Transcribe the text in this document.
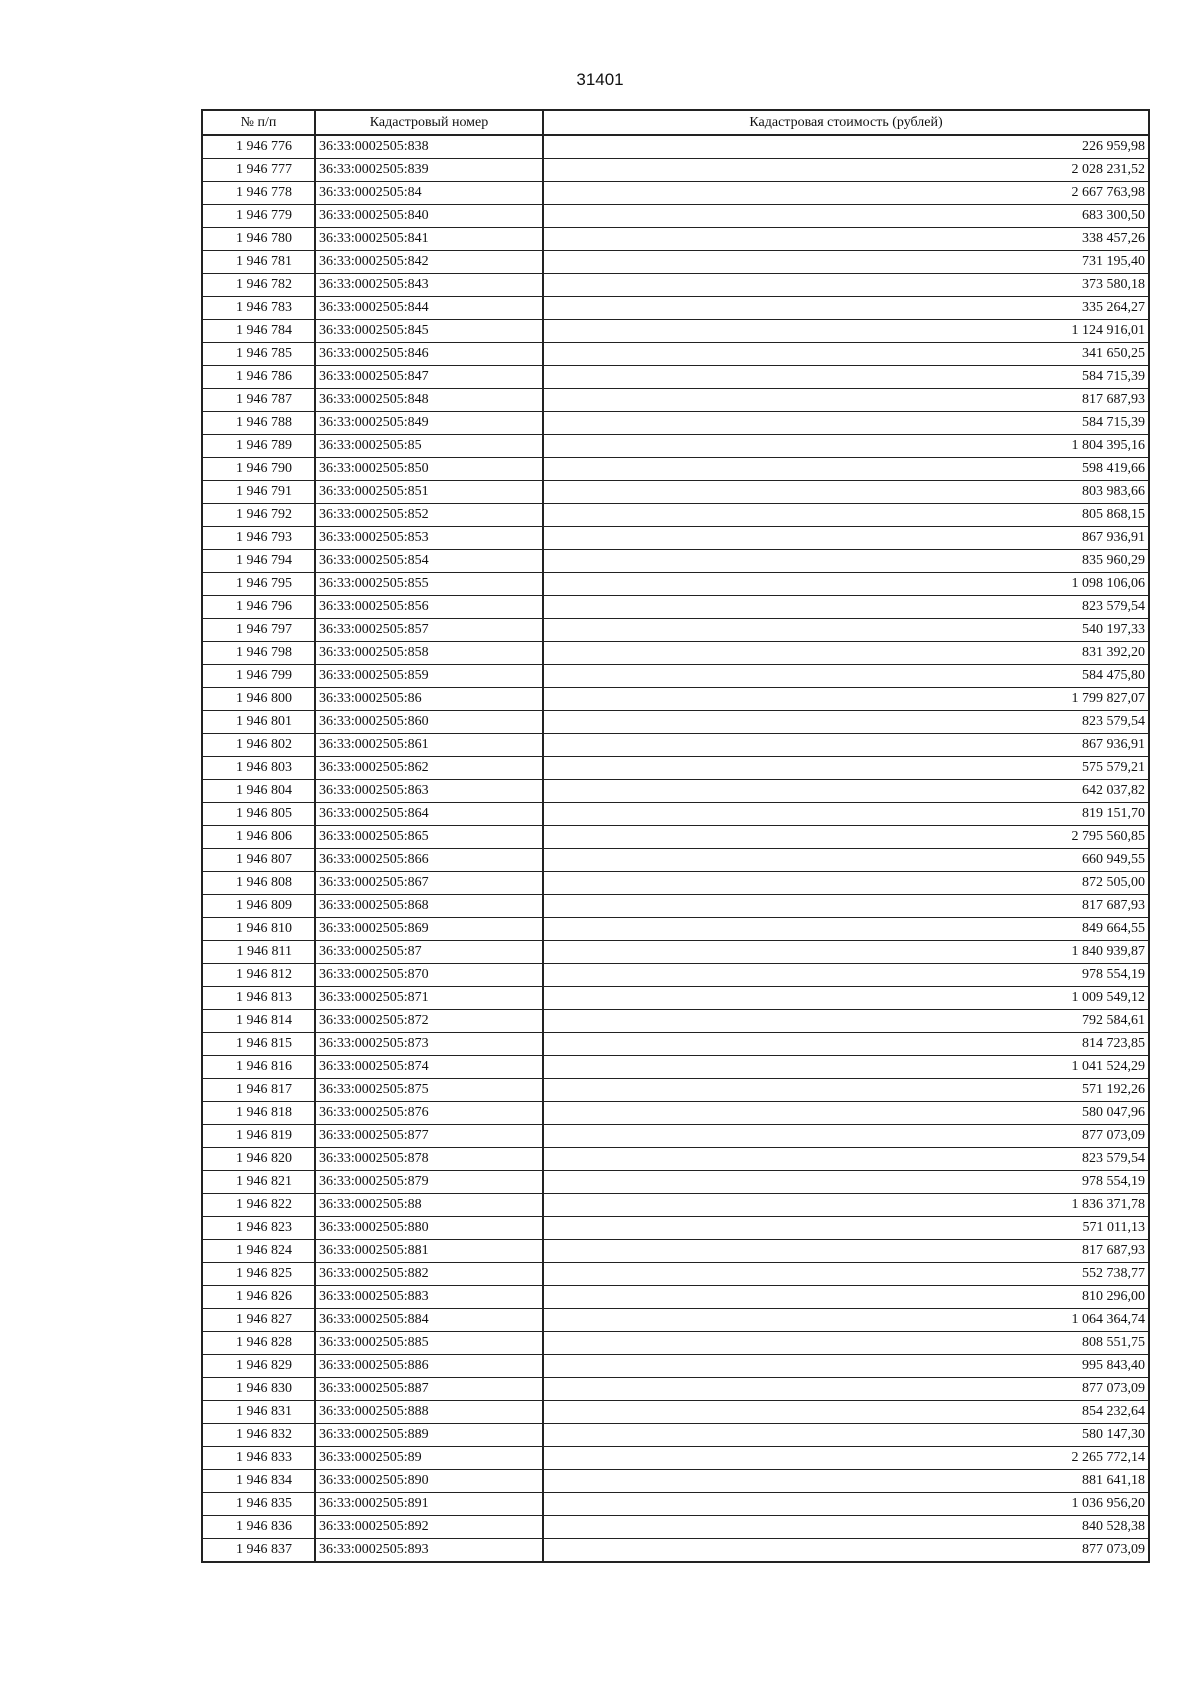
31401
№ п/п	Кадастровый номер	Кадастровая стоимость (рублей)
1 946 776	36:33:0002505:838	226 959,98
1 946 777	36:33:0002505:839	2 028 231,52
1 946 778	36:33:0002505:84	2 667 763,98
1 946 779	36:33:0002505:840	683 300,50
1 946 780	36:33:0002505:841	338 457,26
1 946 781	36:33:0002505:842	731 195,40
1 946 782	36:33:0002505:843	373 580,18
1 946 783	36:33:0002505:844	335 264,27
1 946 784	36:33:0002505:845	1 124 916,01
1 946 785	36:33:0002505:846	341 650,25
1 946 786	36:33:0002505:847	584 715,39
1 946 787	36:33:0002505:848	817 687,93
1 946 788	36:33:0002505:849	584 715,39
1 946 789	36:33:0002505:85	1 804 395,16
1 946 790	36:33:0002505:850	598 419,66
1 946 791	36:33:0002505:851	803 983,66
1 946 792	36:33:0002505:852	805 868,15
1 946 793	36:33:0002505:853	867 936,91
1 946 794	36:33:0002505:854	835 960,29
1 946 795	36:33:0002505:855	1 098 106,06
1 946 796	36:33:0002505:856	823 579,54
1 946 797	36:33:0002505:857	540 197,33
1 946 798	36:33:0002505:858	831 392,20
1 946 799	36:33:0002505:859	584 475,80
1 946 800	36:33:0002505:86	1 799 827,07
1 946 801	36:33:0002505:860	823 579,54
1 946 802	36:33:0002505:861	867 936,91
1 946 803	36:33:0002505:862	575 579,21
1 946 804	36:33:0002505:863	642 037,82
1 946 805	36:33:0002505:864	819 151,70
1 946 806	36:33:0002505:865	2 795 560,85
1 946 807	36:33:0002505:866	660 949,55
1 946 808	36:33:0002505:867	872 505,00
1 946 809	36:33:0002505:868	817 687,93
1 946 810	36:33:0002505:869	849 664,55
1 946 811	36:33:0002505:87	1 840 939,87
1 946 812	36:33:0002505:870	978 554,19
1 946 813	36:33:0002505:871	1 009 549,12
1 946 814	36:33:0002505:872	792 584,61
1 946 815	36:33:0002505:873	814 723,85
1 946 816	36:33:0002505:874	1 041 524,29
1 946 817	36:33:0002505:875	571 192,26
1 946 818	36:33:0002505:876	580 047,96
1 946 819	36:33:0002505:877	877 073,09
1 946 820	36:33:0002505:878	823 579,54
1 946 821	36:33:0002505:879	978 554,19
1 946 822	36:33:0002505:88	1 836 371,78
1 946 823	36:33:0002505:880	571 011,13
1 946 824	36:33:0002505:881	817 687,93
1 946 825	36:33:0002505:882	552 738,77
1 946 826	36:33:0002505:883	810 296,00
1 946 827	36:33:0002505:884	1 064 364,74
1 946 828	36:33:0002505:885	808 551,75
1 946 829	36:33:0002505:886	995 843,40
1 946 830	36:33:0002505:887	877 073,09
1 946 831	36:33:0002505:888	854 232,64
1 946 832	36:33:0002505:889	580 147,30
1 946 833	36:33:0002505:89	2 265 772,14
1 946 834	36:33:0002505:890	881 641,18
1 946 835	36:33:0002505:891	1 036 956,20
1 946 836	36:33:0002505:892	840 528,38
1 946 837	36:33:0002505:893	877 073,09
